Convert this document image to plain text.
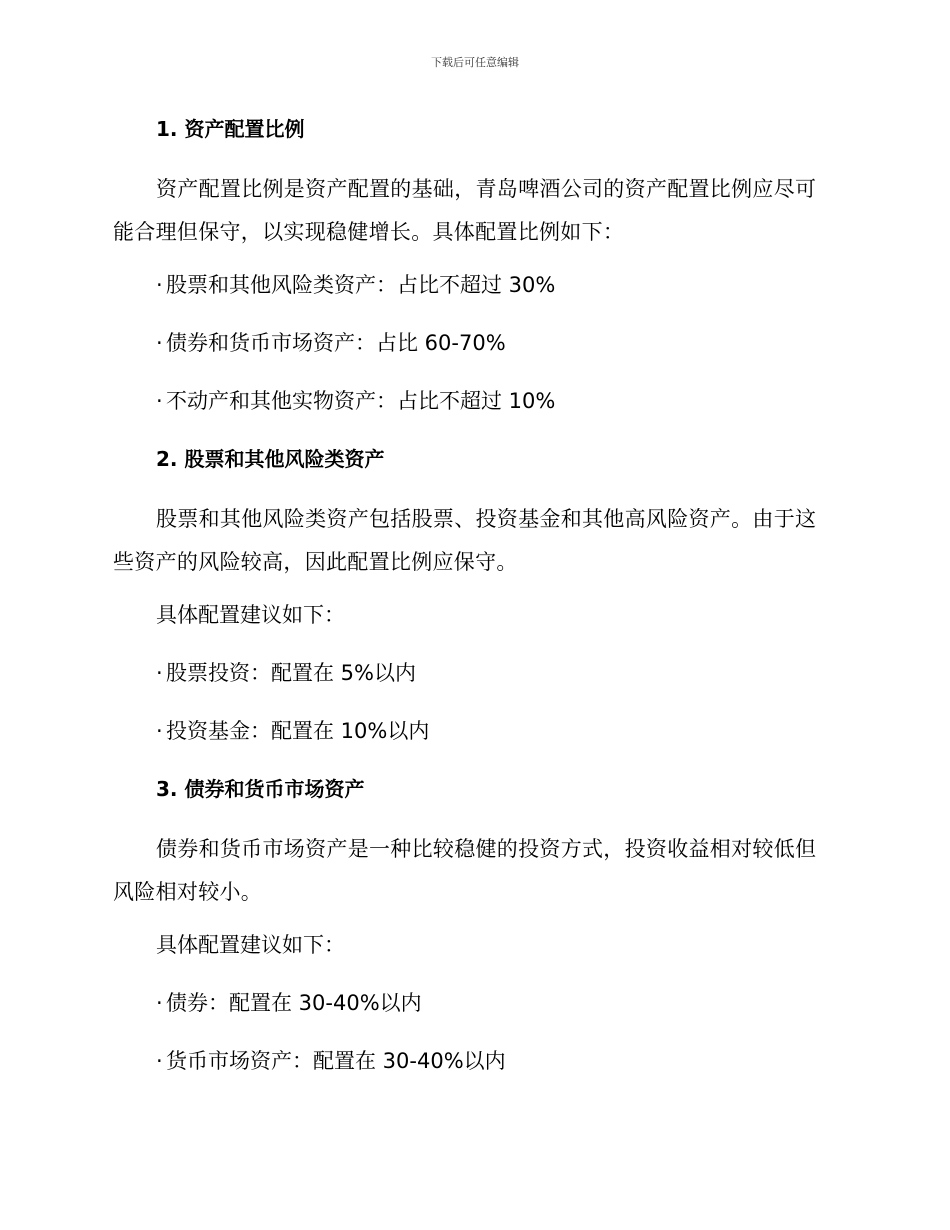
下载后可任意编辑
1. 资产配置比例

资产配置比例是资产配置的基础，青岛啤酒公司的资产配置比例应尽可能合理但保守，以实现稳健增长。具体配置比例如下：

· 股票和其他风险类资产：占比不超过 30%
· 债券和货币市场资产：占比 60-70%
· 不动产和其他实物资产：占比不超过 10%
2. 股票和其他风险类资产

股票和其他风险类资产包括股票、投资基金和其他高风险资产。由于这些资产的风险较高，因此配置比例应保守。

具体配置建议如下：

· 股票投资：配置在 5%以内
· 投资基金：配置在 10%以内
3. 债券和货币市场资产

债券和货币市场资产是一种比较稳健的投资方式，投资收益相对较低但风险相对较小。

具体配置建议如下：

· 债券：配置在 30-40%以内
· 货币市场资产：配置在 30-40%以内
